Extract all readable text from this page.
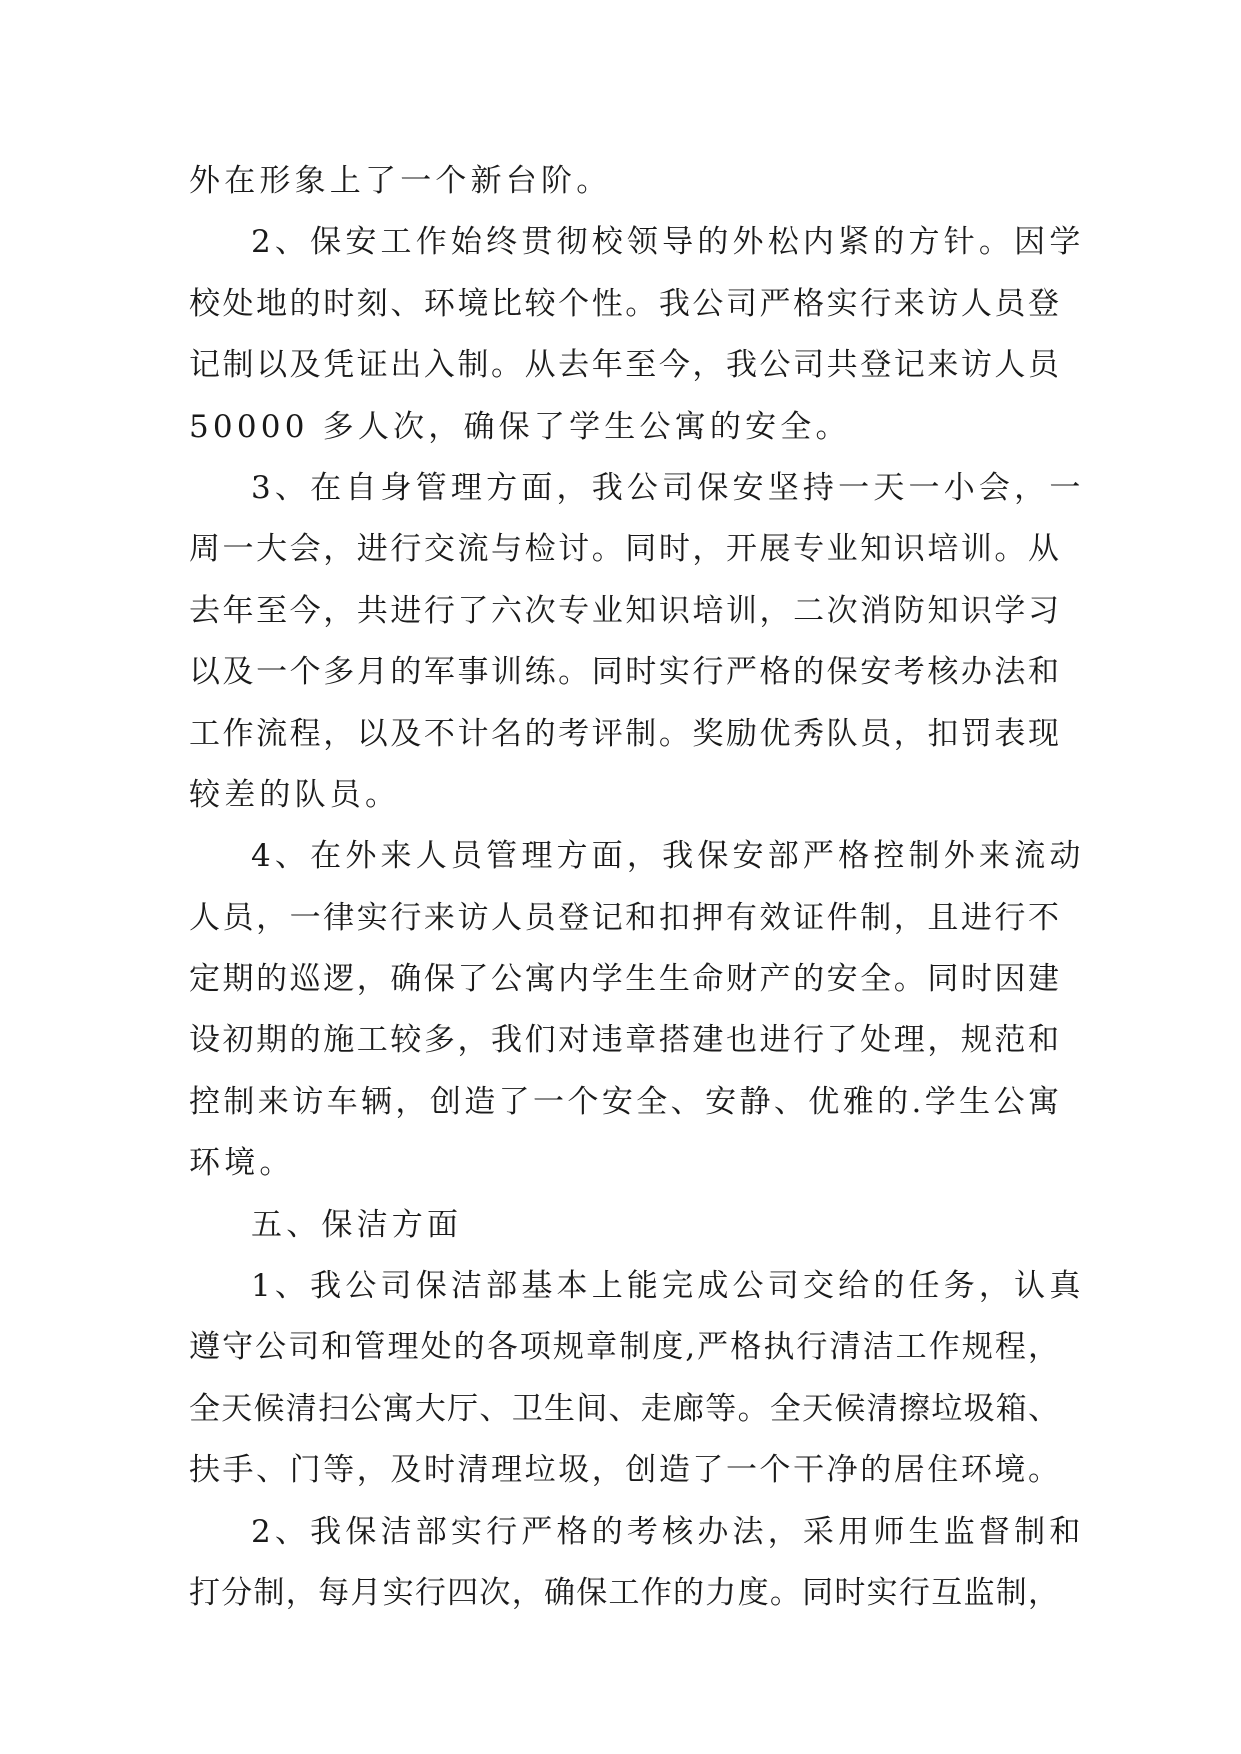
外在形象上了一个新台阶。
2、保安工作始终贯彻校领导的外松内紧的方针。因学
校处地的时刻、环境比较个性。我公司严格实行来访人员登
记制以及凭证出入制。从去年至今，我公司共登记来访人员
50000 多人次，确保了学生公寓的安全。
3、在自身管理方面，我公司保安坚持一天一小会，一
周一大会，进行交流与检讨。同时，开展专业知识培训。从
去年至今，共进行了六次专业知识培训，二次消防知识学习
以及一个多月的军事训练。同时实行严格的保安考核办法和
工作流程，以及不计名的考评制。奖励优秀队员，扣罚表现
较差的队员。
4、在外来人员管理方面，我保安部严格控制外来流动
人员，一律实行来访人员登记和扣押有效证件制，且进行不
定期的巡逻，确保了公寓内学生生命财产的安全。同时因建
设初期的施工较多，我们对违章搭建也进行了处理，规范和
控制来访车辆，创造了一个安全、安静、优雅的.学生公寓
环境。
五、保洁方面
1、我公司保洁部基本上能完成公司交给的任务，认真
遵守公司和管理处的各项规章制度,严格执行清洁工作规程，
全天候清扫公寓大厅、卫生间、走廊等。全天候清擦垃圾箱、
扶手、门等，及时清理垃圾，创造了一个干净的居住环境。
2、我保洁部实行严格的考核办法，采用师生监督制和
打分制，每月实行四次，确保工作的力度。同时实行互监制，
